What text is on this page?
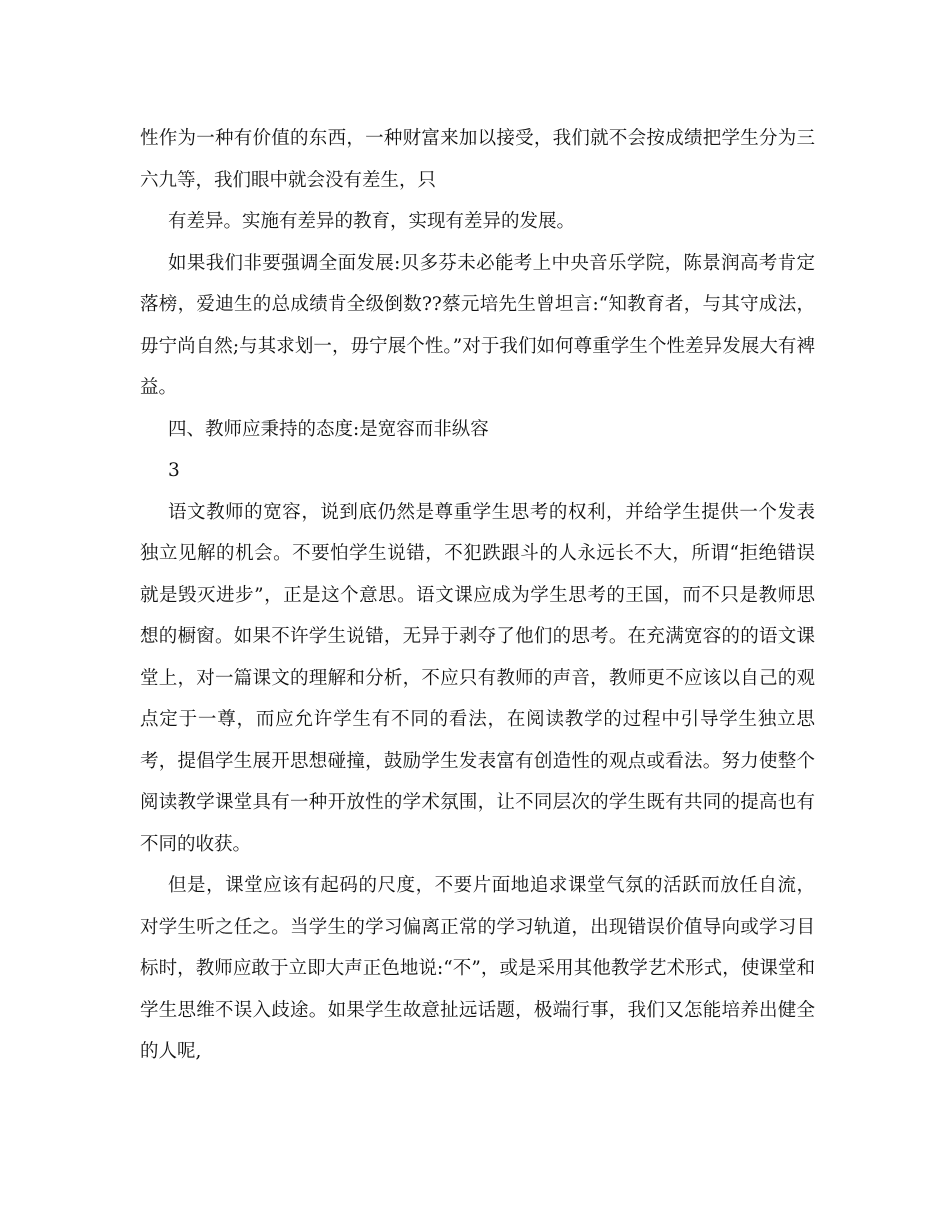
性作为一种有价值的东西，一种财富来加以接受，我们就不会按成绩把学生分为三六九等，我们眼中就会没有差生，只

有差异。实施有差异的教育，实现有差异的发展。

如果我们非要强调全面发展:贝多芬未必能考上中央音乐学院，陈景润高考肯定落榜，爱迪生的总成绩肯全级倒数??蔡元培先生曾坦言:“知教育者，与其守成法，毋宁尚自然;与其求划一，毋宁展个性。”对于我们如何尊重学生个性差异发展大有裨益。

四、教师应秉持的态度:是宽容而非纵容

3

语文教师的宽容，说到底仍然是尊重学生思考的权利，并给学生提供一个发表独立见解的机会。不要怕学生说错，不犯跌跟斗的人永远长不大，所谓“拒绝错误就是毁灭进步”，正是这个意思。语文课应成为学生思考的王国，而不只是教师思想的橱窗。如果不许学生说错，无异于剥夺了他们的思考。在充满宽容的的语文课堂上，对一篇课文的理解和分析，不应只有教师的声音，教师更不应该以自己的观点定于一尊，而应允许学生有不同的看法，在阅读教学的过程中引导学生独立思考，提倡学生展开思想碰撞，鼓励学生发表富有创造性的观点或看法。努力使整个阅读教学课堂具有一种开放性的学术氛围，让不同层次的学生既有共同的提高也有不同的收获。

但是，课堂应该有起码的尺度，不要片面地追求课堂气氛的活跃而放任自流，对学生听之任之。当学生的学习偏离正常的学习轨道，出现错误价值导向或学习目标时，教师应敢于立即大声正色地说:“不”，或是采用其他教学艺术形式，使课堂和学生思维不误入歧途。如果学生故意扯远话题，极端行事，我们又怎能培养出健全的人呢,
